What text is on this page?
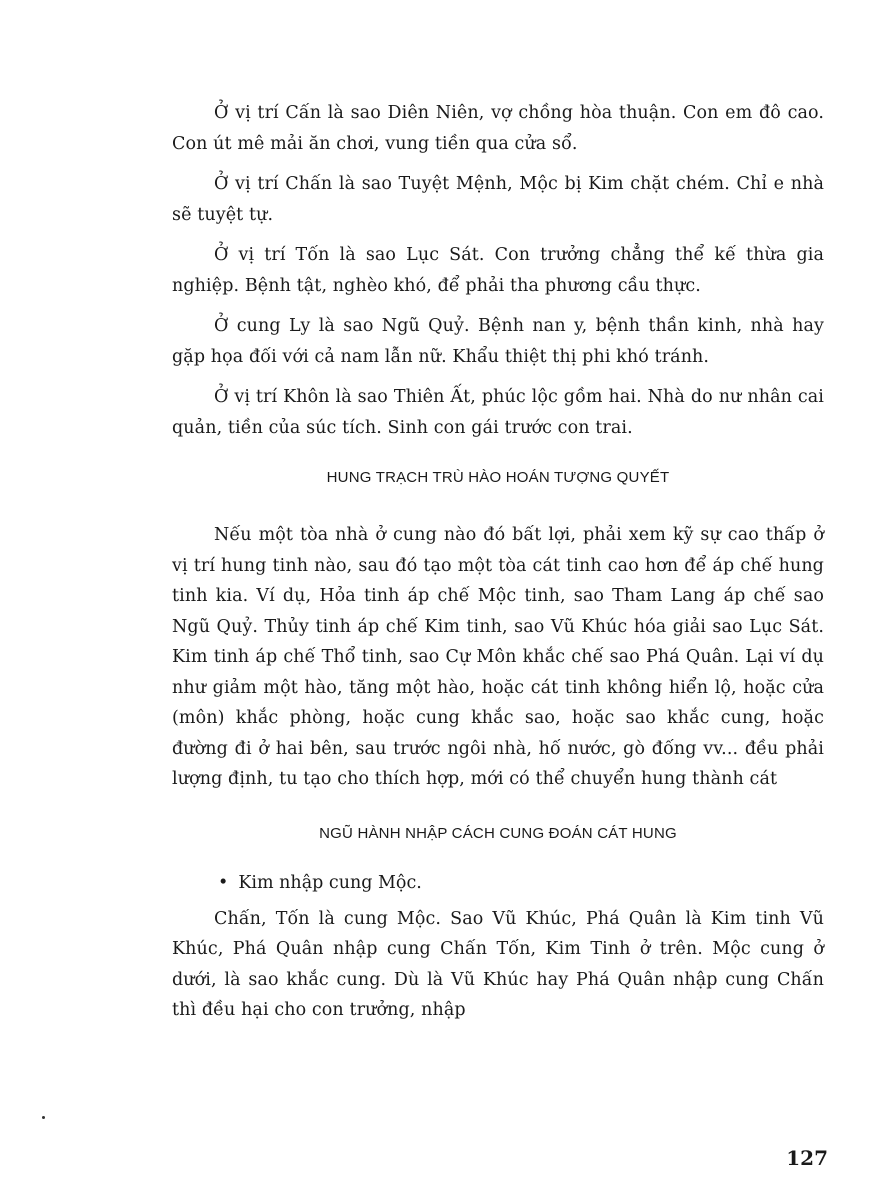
Ở vị trí Cấn là sao Diên Niên, vợ chồng hòa thuận. Con em đô cao. Con út mê mải ăn chơi, vung tiền qua cửa sổ.

Ở vị trí Chấn là sao Tuyệt Mệnh, Mộc bị Kim chặt chém. Chỉ e nhà sẽ tuyệt tự.

Ở vị trí Tốn là sao Lục Sát. Con trưởng chẳng thể kế thừa gia nghiệp. Bệnh tật, nghèo khó, để phải tha phương cầu thực.

Ở cung Ly là sao Ngũ Quỷ. Bệnh nan y, bệnh thần kinh, nhà hay gặp họa đối với cả nam lẫn nữ. Khẩu thiệt thị phi khó tránh.

Ở vị trí Khôn là sao Thiên Ất, phúc lộc gồm hai. Nhà do nư nhân cai quản, tiền của súc tích. Sinh con gái trước con trai.

HUNG TRẠCH TRÙ HÀO HOÁN TƯỢNG QUYẾT

Nếu một tòa nhà ở cung nào đó bất lợi, phải xem kỹ sự cao thấp ở vị trí hung tinh nào, sau đó tạo một tòa cát tinh cao hơn để áp chế hung tinh kia. Ví dụ, Hỏa tinh áp chế Mộc tinh, sao Tham Lang áp chế sao Ngũ Quỷ. Thủy tinh áp chế Kim tinh, sao Vũ Khúc hóa giải sao Lục Sát. Kim tinh áp chế Thổ tinh, sao Cự Môn khắc chế sao Phá Quân. Lại ví dụ như giảm một hào, tăng một hào, hoặc cát tinh không hiển lộ, hoặc cửa (môn) khắc phòng, hoặc cung khắc sao, hoặc sao khắc cung, hoặc đường đi ở hai bên, sau trước ngôi nhà, hố nước, gò đống vv... đều phải lượng định, tu tạo cho thích hợp, mới có thể chuyển hung thành cát

NGŨ HÀNH NHẬP CÁCH CUNG ĐOÁN CÁT HUNG
• Kim nhập cung Mộc.

Chấn, Tốn là cung Mộc. Sao Vũ Khúc, Phá Quân là Kim tinh Vũ Khúc, Phá Quân nhập cung Chấn Tốn, Kim Tinh ở trên. Mộc cung ở dưới, là sao khắc cung. Dù là Vũ Khúc hay Phá Quân nhập cung Chấn thì đều hại cho con trưởng, nhập

127
